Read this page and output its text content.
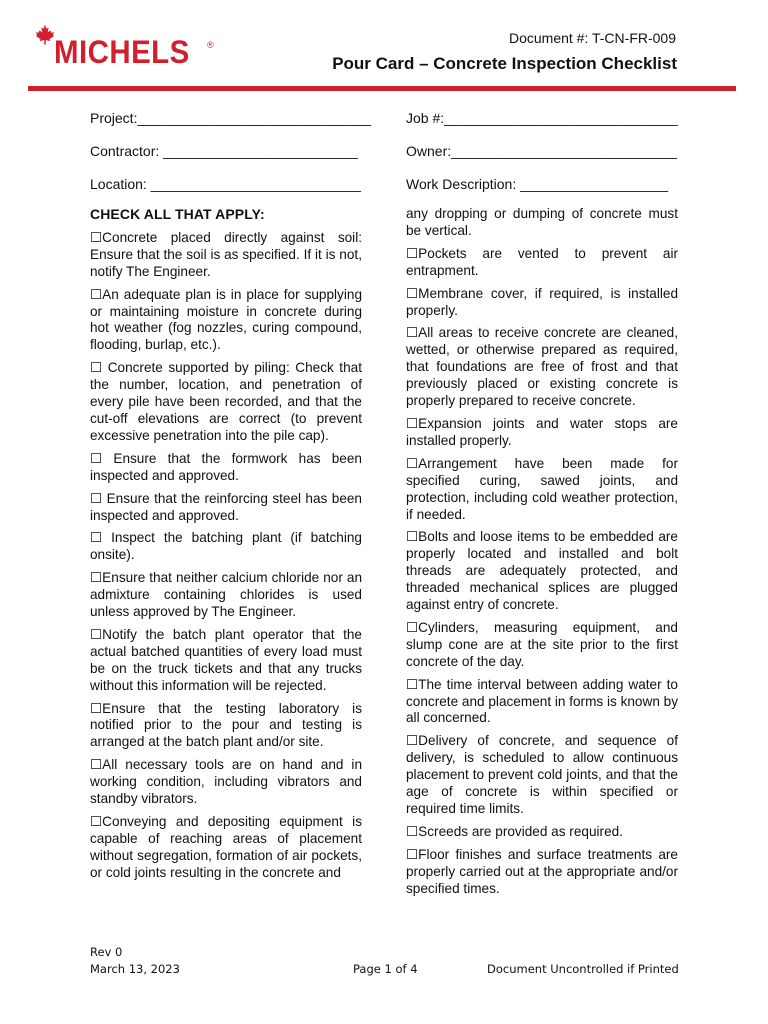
MICHELS ®	Document #: T-CN-FR-009
Pour Card – Concrete Inspection Checklist
Project:______________________________ Job #:______________________________
Contractor: _________________________	Owner:_____________________________
Location: ___________________________	Work Description: ___________________
CHECK ALL THAT APPLY:

☐Concrete placed directly against soil: Ensure that the soil is as specified. If it is not, notify The Engineer.

☐An adequate plan is in place for supplying or maintaining moisture in concrete during hot weather (fog nozzles, curing compound, flooding, burlap, etc.).

☐ Concrete supported by piling: Check that the number, location, and penetration of every pile have been recorded, and that the cut-off elevations are correct (to prevent excessive penetration into the pile cap).

☐ Ensure that the formwork has been inspected and approved.

☐ Ensure that the reinforcing steel has been inspected and approved.

☐ Inspect the batching plant (if batching onsite).

☐Ensure that neither calcium chloride nor an admixture containing chlorides is used unless approved by The Engineer.

☐Notify the batch plant operator that the actual batched quantities of every load must be on the truck tickets and that any trucks without this information will be rejected.

☐Ensure that the testing laboratory is notified prior to the pour and testing is arranged at the batch plant and/or site.

☐All necessary tools are on hand and in working condition, including vibrators and standby vibrators.

☐Conveying and depositing equipment is capable of reaching areas of placement without segregation, formation of air pockets, or cold joints resulting in the concrete and

any dropping or dumping of concrete must be vertical.

☐Pockets are vented to prevent air entrapment.

☐Membrane cover, if required, is installed properly.

☐All areas to receive concrete are cleaned, wetted, or otherwise prepared as required, that foundations are free of frost and that previously placed or existing concrete is properly prepared to receive concrete.

☐Expansion joints and water stops are installed properly.

☐Arrangement have been made for specified curing, sawed joints, and protection, including cold weather protection, if needed.

☐Bolts and loose items to be embedded are properly located and installed and bolt threads are adequately protected, and threaded mechanical splices are plugged against entry of concrete.

☐Cylinders, measuring equipment, and slump cone are at the site prior to the first concrete of the day.

☐The time interval between adding water to concrete and placement in forms is known by all concerned.

☐Delivery of concrete, and sequence of delivery, is scheduled to allow continuous placement to prevent cold joints, and that the age of concrete is within specified or required time limits.

☐Screeds are provided as required.

☐Floor finishes and surface treatments are properly carried out at the appropriate and/or specified times.

Rev 0
March 13, 2023	Page 1 of 4	Document Uncontrolled if Printed
